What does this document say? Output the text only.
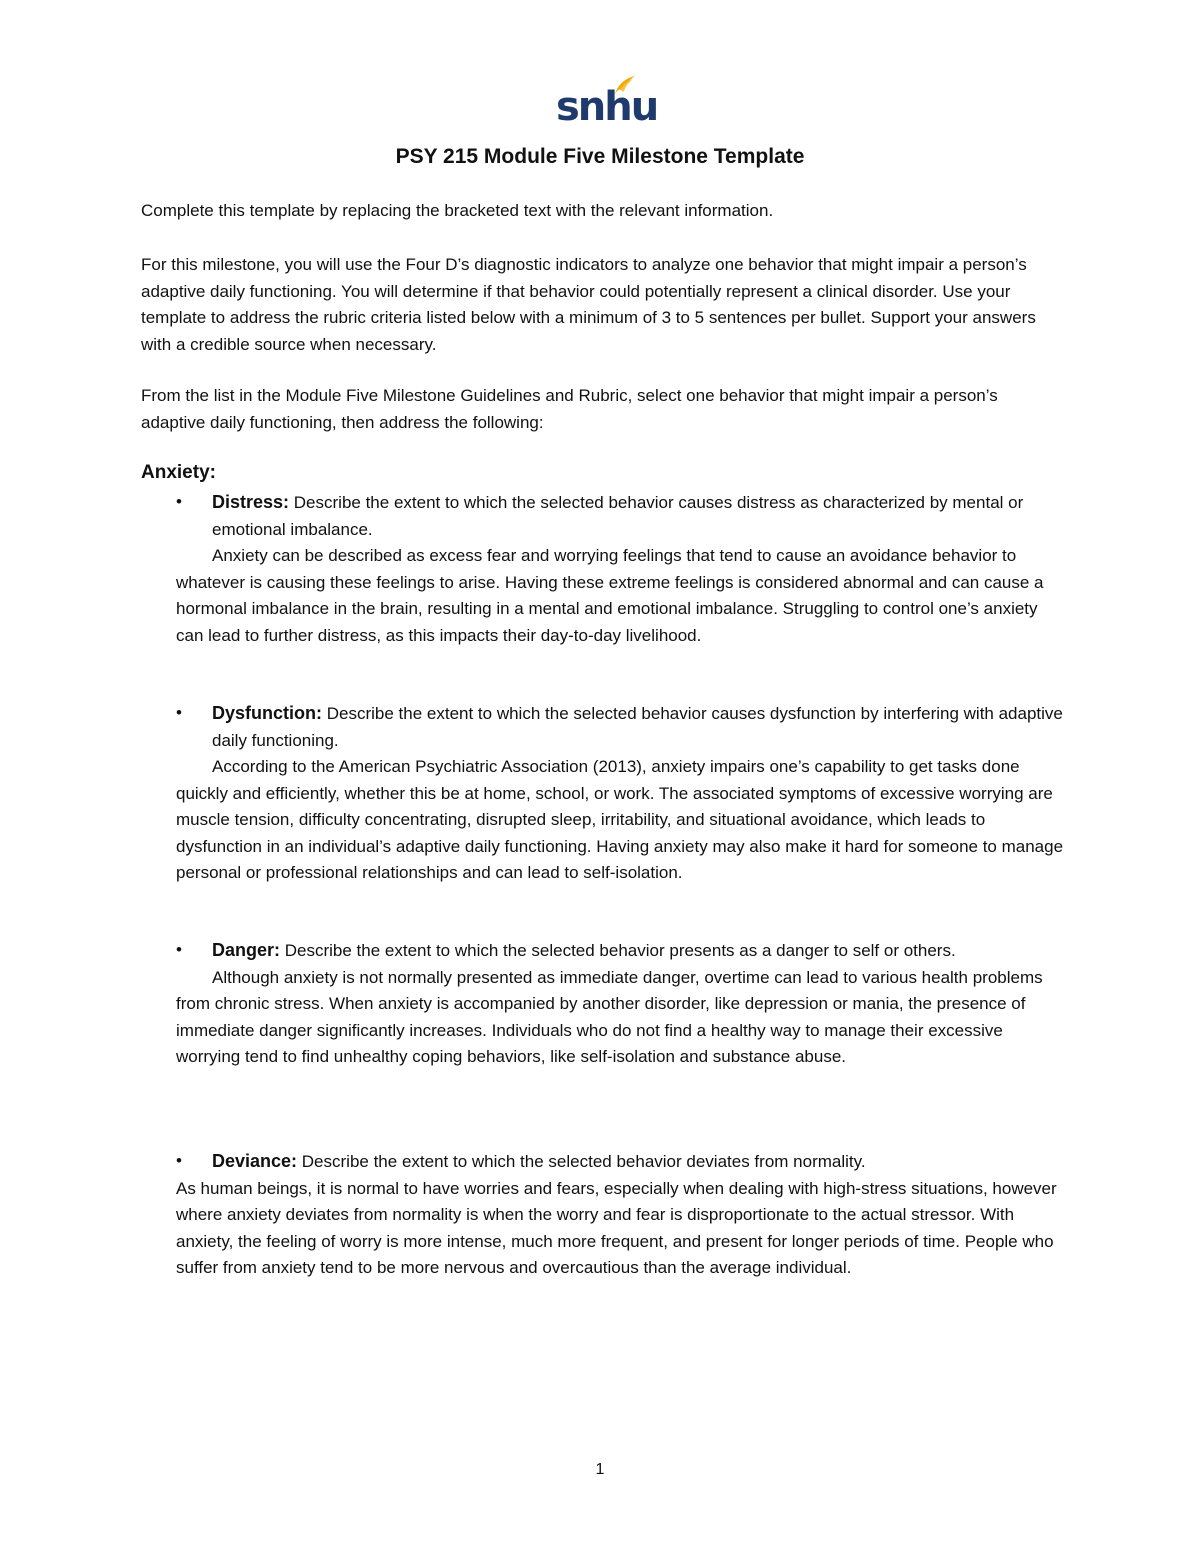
snhu
PSY 215 Module Five Milestone Template

Complete this template by replacing the bracketed text with the relevant information.

For this milestone, you will use the Four D’s diagnostic indicators to analyze one behavior that might impair a person’s adaptive daily functioning. You will determine if that behavior could potentially represent a clinical disorder. Use your template to address the rubric criteria listed below with a minimum of 3 to 5 sentences per bullet. Support your answers with a credible source when necessary.

From the list in the Module Five Milestone Guidelines and Rubric, select one behavior that might impair a person’s adaptive daily functioning, then address the following:

Anxiety:
•	Distress: Describe the extent to which the selected behavior causes distress as characterized by mental or emotional imbalance.

Anxiety can be described as excess fear and worrying feelings that tend to cause an avoidance behavior to whatever is causing these feelings to arise. Having these extreme feelings is considered abnormal and can cause a hormonal imbalance in the brain, resulting in a mental and emotional imbalance. Struggling to control one’s anxiety can lead to further distress, as this impacts their day-to-day livelihood.

•	Dysfunction: Describe the extent to which the selected behavior causes dysfunction by interfering with adaptive daily functioning.

According to the American Psychiatric Association (2013), anxiety impairs one’s capability to get tasks done quickly and efficiently, whether this be at home, school, or work. The associated symptoms of excessive worrying are muscle tension, difficulty concentrating, disrupted sleep, irritability, and situational avoidance, which leads to dysfunction in an individual’s adaptive daily functioning. Having anxiety may also make it hard for someone to manage personal or professional relationships and can lead to self-isolation.

•	Danger: Describe the extent to which the selected behavior presents as a danger to self or others.

Although anxiety is not normally presented as immediate danger, overtime can lead to various health problems from chronic stress. When anxiety is accompanied by another disorder, like depression or mania, the presence of immediate danger significantly increases. Individuals who do not find a healthy way to manage their excessive worrying tend to find unhealthy coping behaviors, like self-isolation and substance abuse.

•	Deviance: Describe the extent to which the selected behavior deviates from normality.

As human beings, it is normal to have worries and fears, especially when dealing with high-stress situations, however where anxiety deviates from normality is when the worry and fear is disproportionate to the actual stressor. With anxiety, the feeling of worry is more intense, much more frequent, and present for longer periods of time. People who suffer from anxiety tend to be more nervous and overcautious than the average individual.

1
